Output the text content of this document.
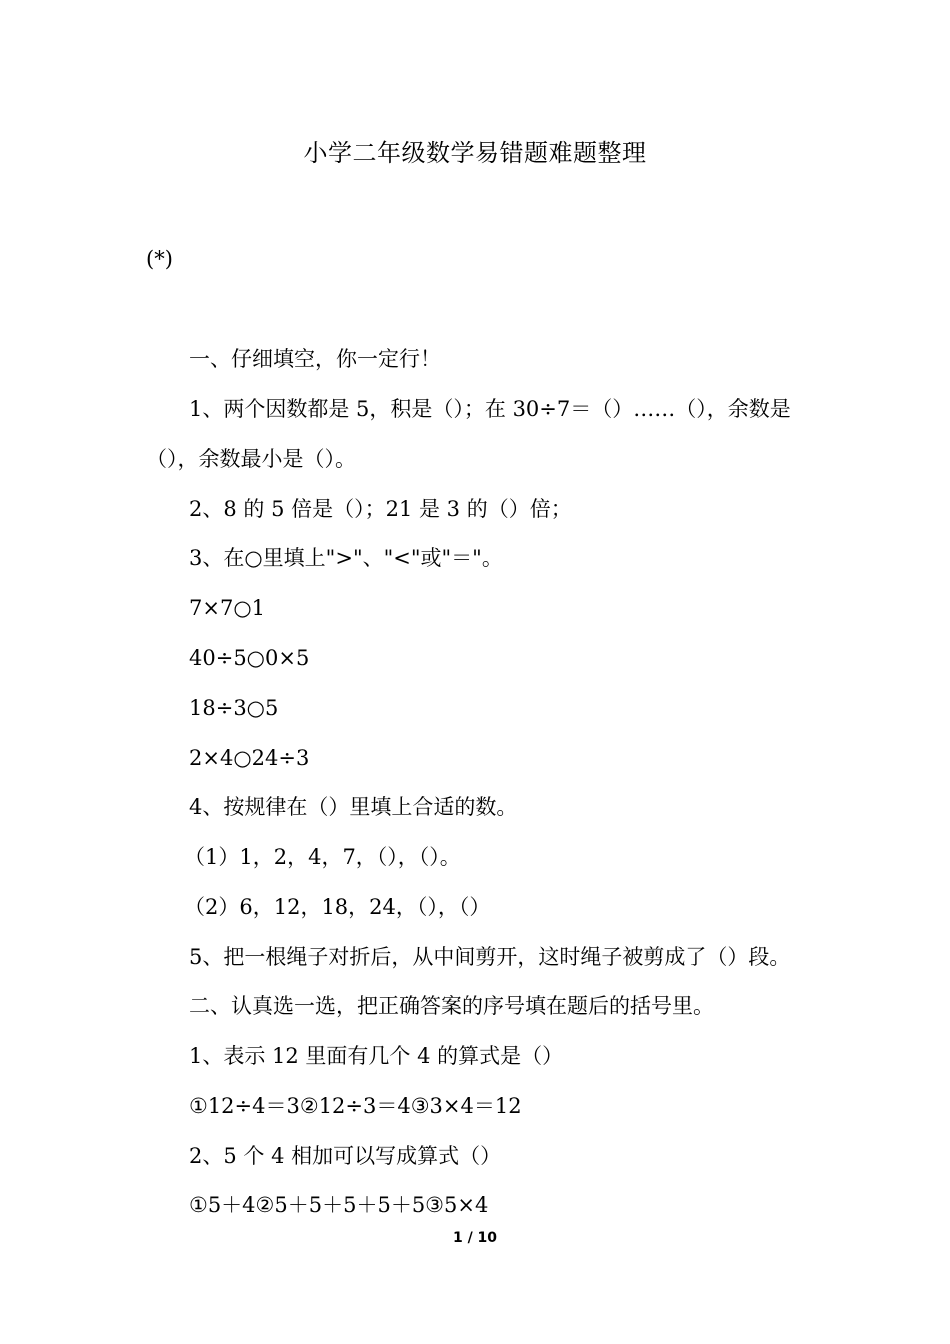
小学二年级数学易错题难题整理
(*)
一、仔细填空，你一定行！
1、两个因数都是 5，积是（）；在 30÷7＝（）……（），余数是
（），余数最小是（）。
2、8 的 5 倍是（）；21 是 3 的（）倍；
3、在○里填上">"、"<"或"＝"。
7×7○1
40÷5○0×5
18÷3○5
2×4○24÷3
4、按规律在（）里填上合适的数。
（1）1，2，4，7，（），（）。
（2）6，12，18，24，（），（）
5、把一根绳子对折后，从中间剪开，这时绳子被剪成了（）段。
二、认真选一选，把正确答案的序号填在题后的括号里。
1、表示 12 里面有几个 4 的算式是（）
①12÷4＝3②12÷3＝4③3×4＝12
2、5 个 4 相加可以写成算式（）
①5＋4②5＋5＋5＋5＋5③5×4
1 / 10
